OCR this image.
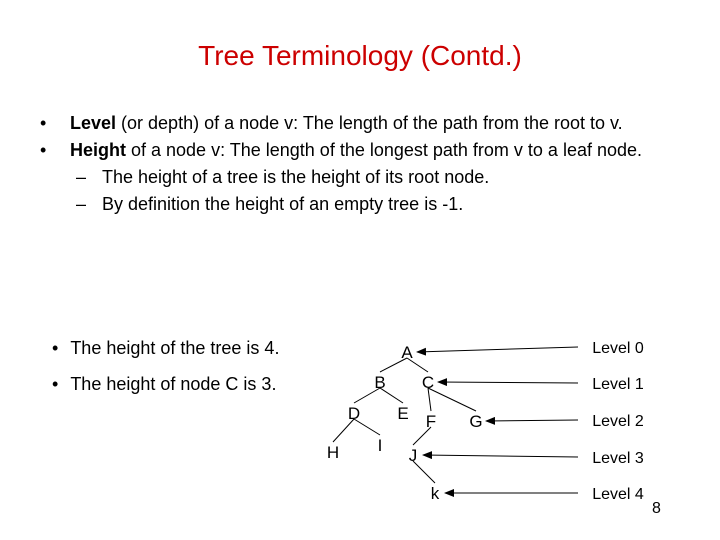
Tree Terminology (Contd.)
• Level (or depth) of a node v: The length of the path from the root to v.
• Height of a node v: The length of the longest path from v to a leaf node.
– The height of a tree is the height of its root node.
– By definition the height of an empty tree is -1.
• The height of the tree is 4.
• The height of node C is 3.
A
B C
D E F G
H I
J
k
Level 0
Level 1
Level 2
Level 3
Level 4
8
